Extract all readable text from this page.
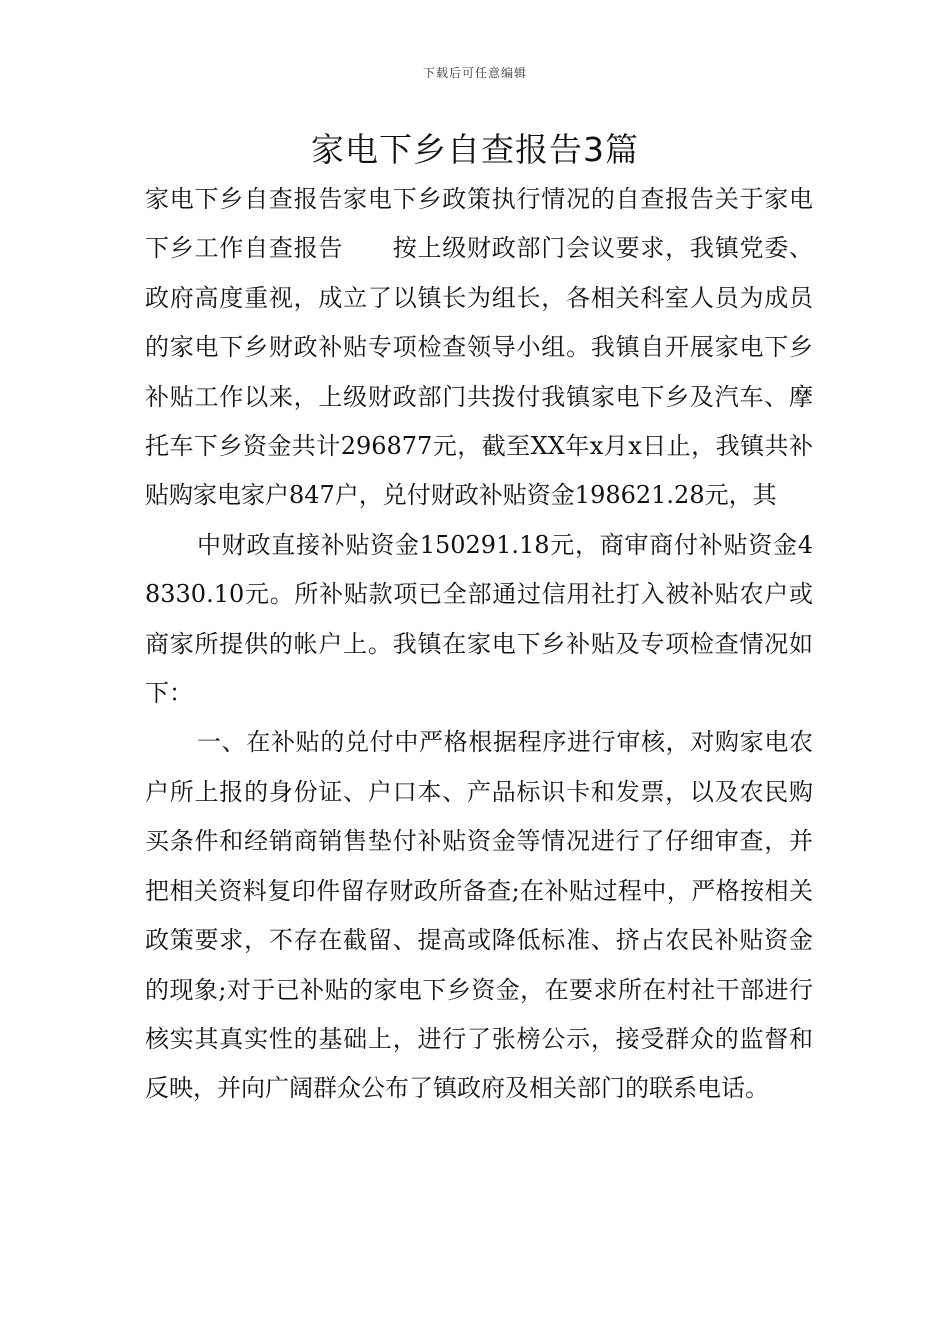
下载后可任意编辑
家电下乡自查报告3篇

家电下乡自查报告家电下乡政策执行情况的自查报告关于家电下乡工作自查报告　　按上级财政部门会议要求，我镇党委、政府高度重视，成立了以镇长为组长，各相关科室人员为成员的家电下乡财政补贴专项检查领导小组。我镇自开展家电下乡补贴工作以来，上级财政部门共拨付我镇家电下乡及汽车、摩托车下乡资金共计296877元，截至XX年x月x日止，我镇共补贴购家电家户847户，兑付财政补贴资金198621.28元，其

中财政直接补贴资金150291.18元，商审商付补贴资金48330.10元。所补贴款项已全部通过信用社打入被补贴农户或商家所提供的帐户上。我镇在家电下乡补贴及专项检查情况如下：

一、在补贴的兑付中严格根据程序进行审核，对购家电农户所上报的身份证、户口本、产品标识卡和发票，以及农民购买条件和经销商销售垫付补贴资金等情况进行了仔细审查，并把相关资料复印件留存财政所备查;在补贴过程中，严格按相关政策要求，不存在截留、提高或降低标准、挤占农民补贴资金的现象;对于已补贴的家电下乡资金，在要求所在村社干部进行核实其真实性的基础上，进行了张榜公示，接受群众的监督和反映，并向广阔群众公布了镇政府及相关部门的联系电话。
